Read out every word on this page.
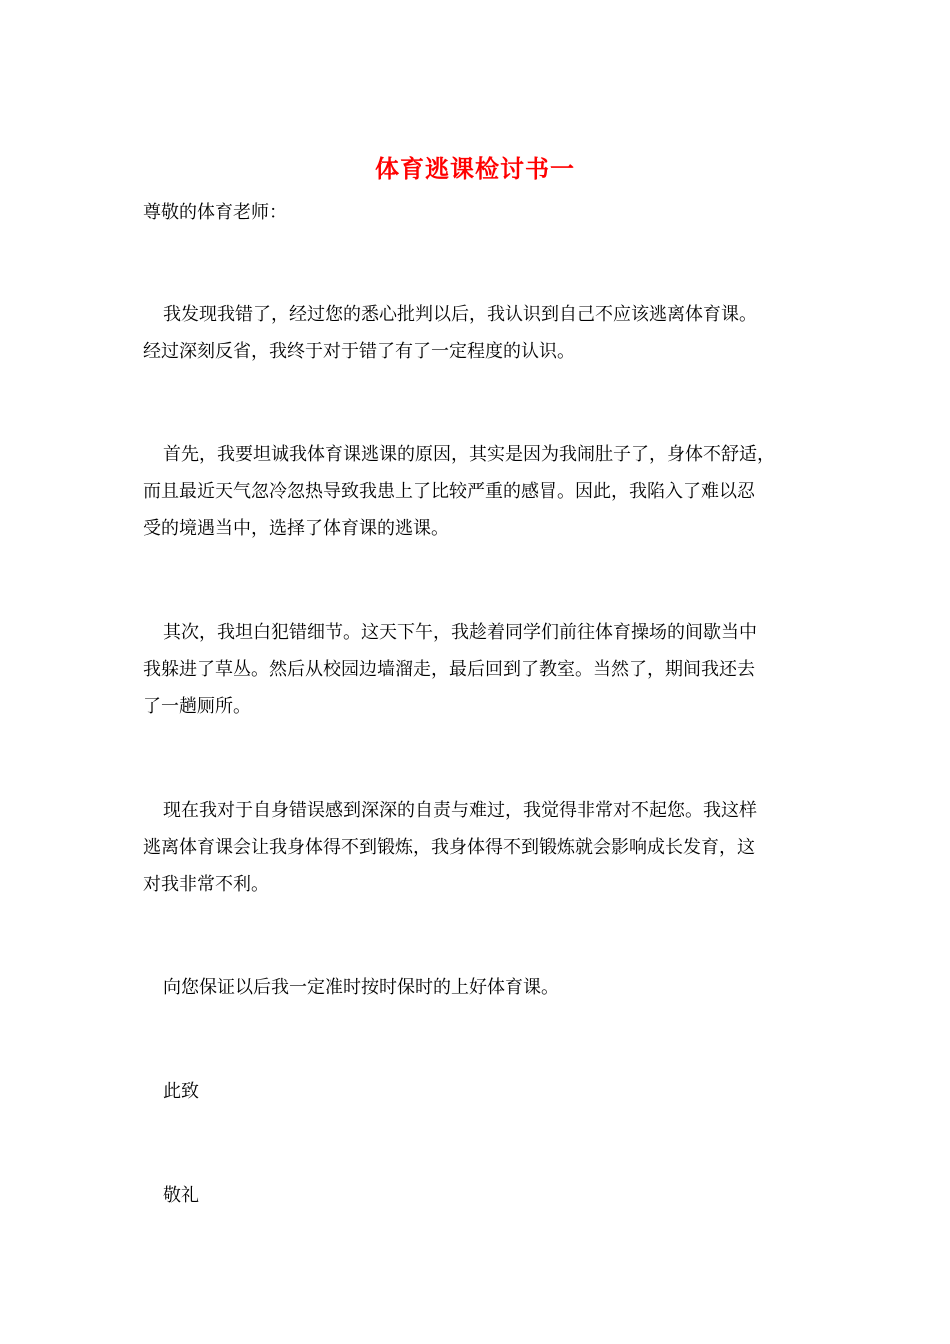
体育逃课检讨书一
尊敬的体育老师：
我发现我错了，经过您的悉心批判以后，我认识到自己不应该逃离体育课。
经过深刻反省，我终于对于错了有了一定程度的认识。
首先，我要坦诚我体育课逃课的原因，其实是因为我闹肚子了，身体不舒适，
而且最近天气忽冷忽热导致我患上了比较严重的感冒。因此，我陷入了难以忍
受的境遇当中，选择了体育课的逃课。
其次，我坦白犯错细节。这天下午，我趁着同学们前往体育操场的间歇当中
我躲进了草丛。然后从校园边墙溜走，最后回到了教室。当然了，期间我还去
了一趟厕所。
现在我对于自身错误感到深深的自责与难过，我觉得非常对不起您。我这样
逃离体育课会让我身体得不到锻炼，我身体得不到锻炼就会影响成长发育，这
对我非常不利。
向您保证以后我一定准时按时保时的上好体育课。
此致
敬礼
